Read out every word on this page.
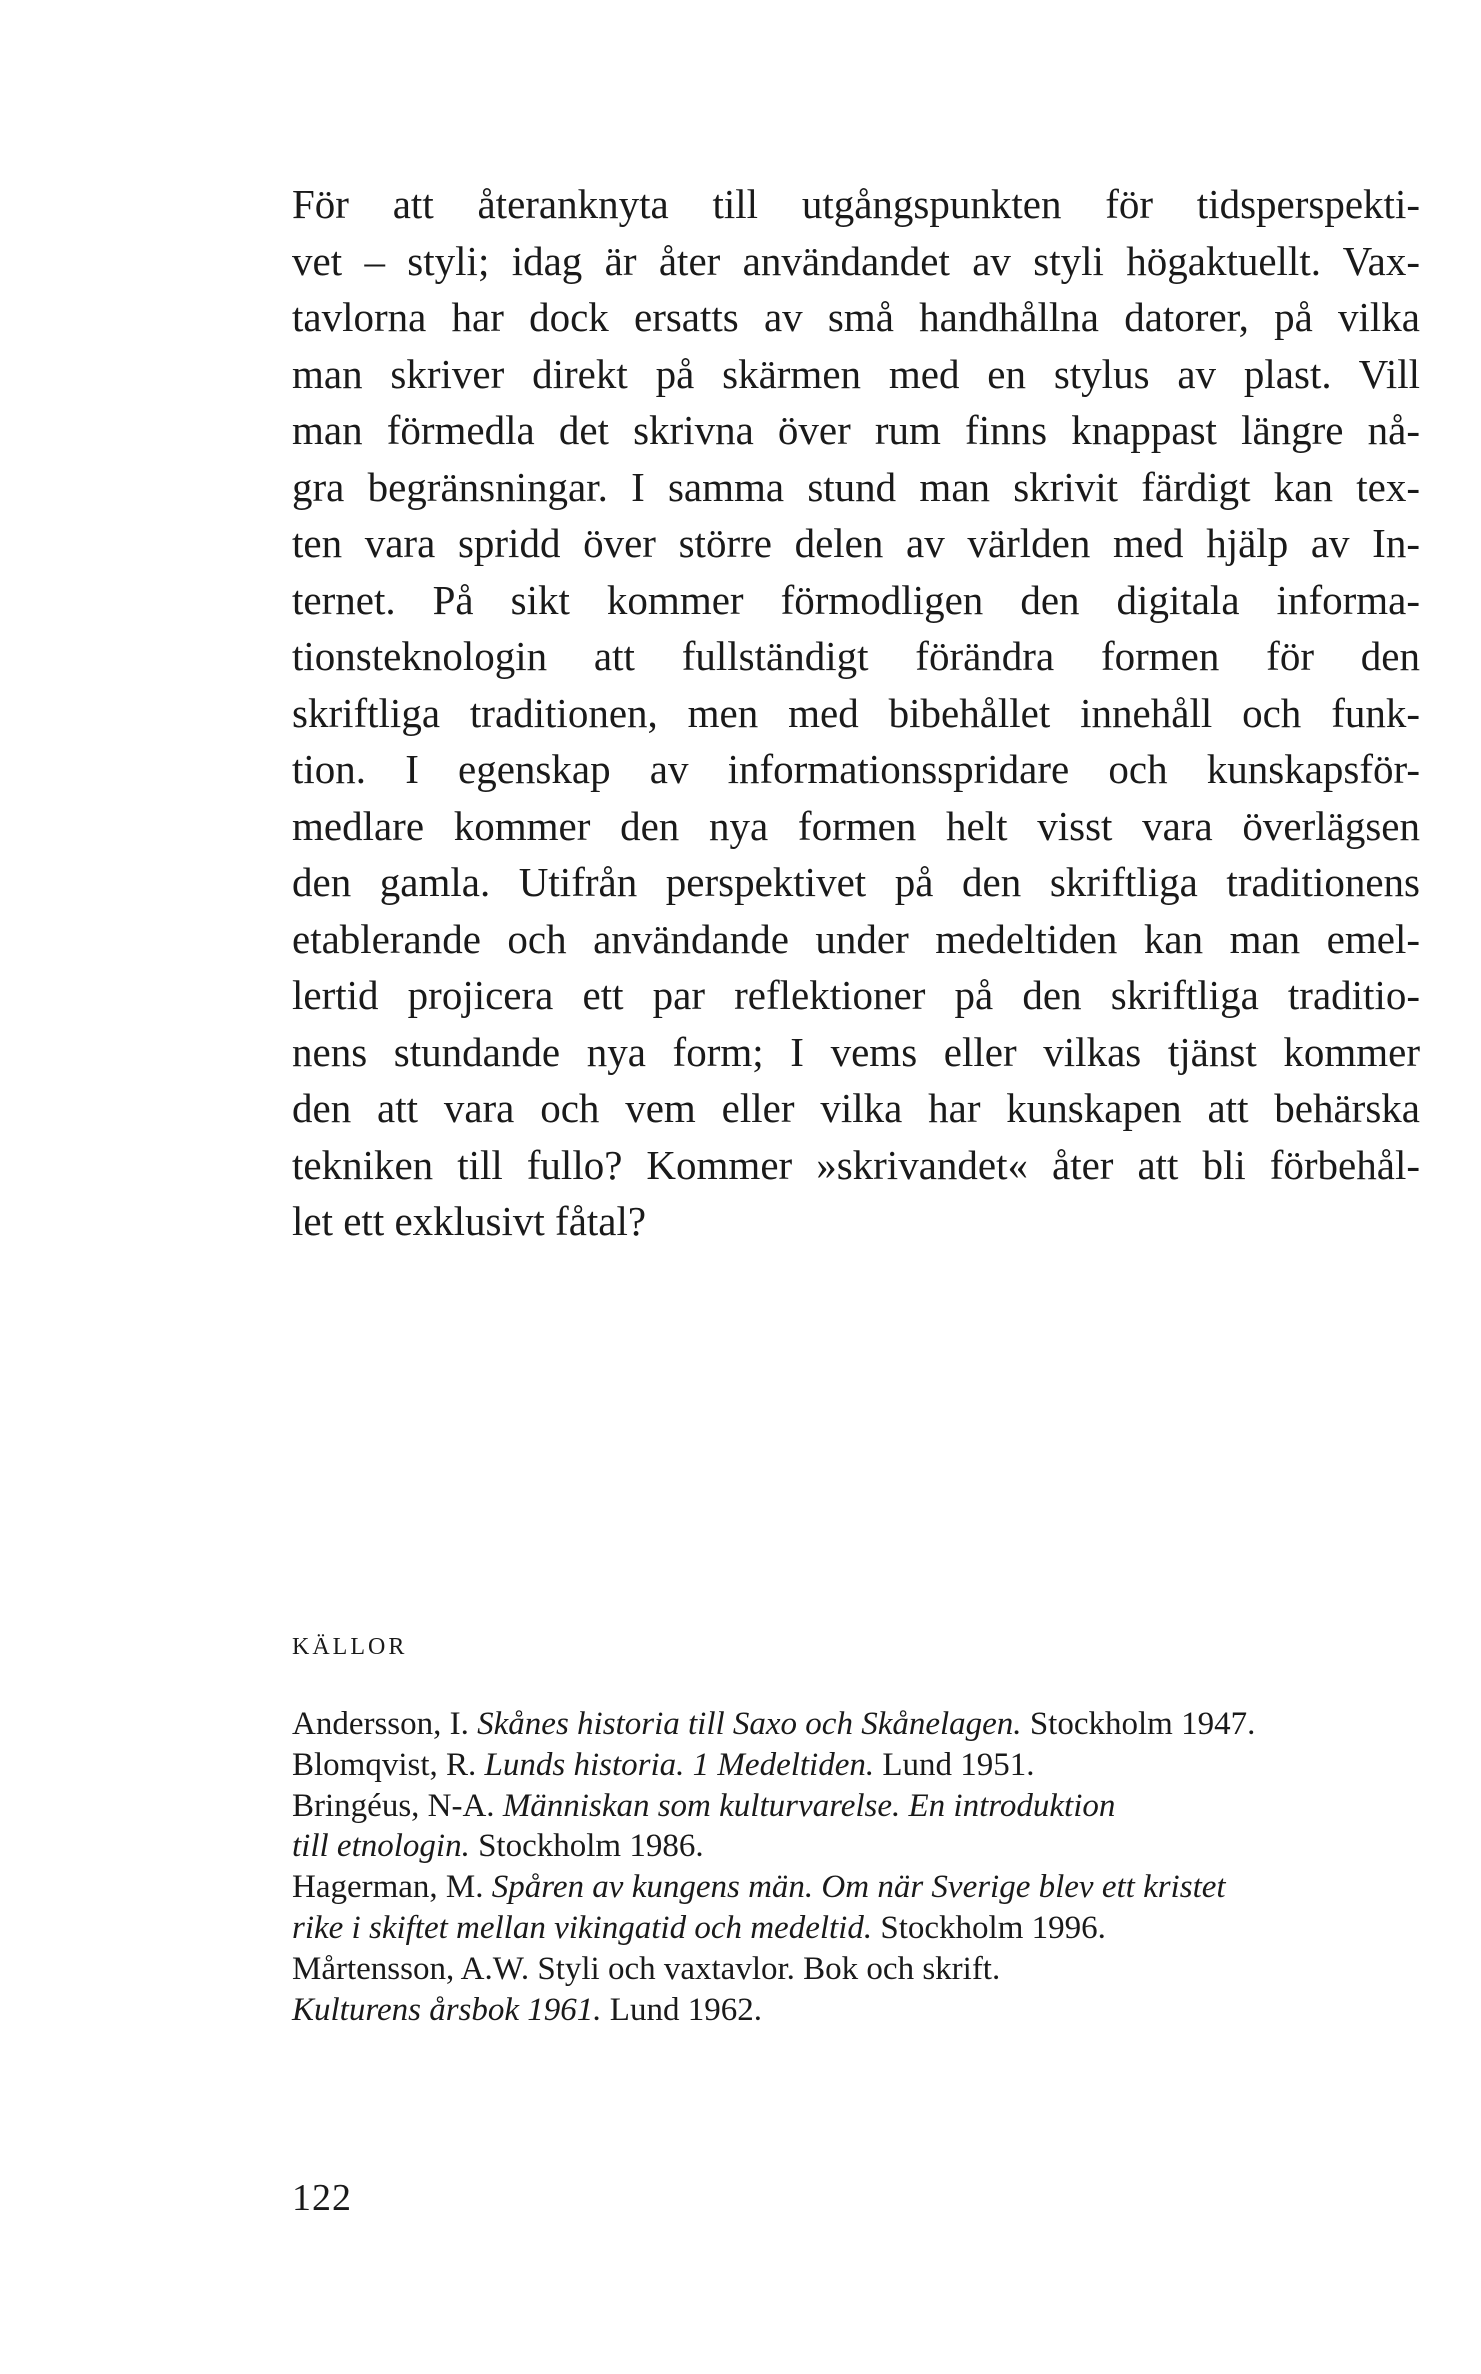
För att återanknyta till utgångspunkten för tidsperspekti-
vet – styli; idag är åter användandet av styli högaktuellt. Vax-
tavlorna har dock ersatts av små handhållna datorer, på vilka
man skriver direkt på skärmen med en stylus av plast. Vill
man förmedla det skrivna över rum finns knappast längre nå-
gra begränsningar. I samma stund man skrivit färdigt kan tex-
ten vara spridd över större delen av världen med hjälp av In-
ternet. På sikt kommer förmodligen den digitala informa-
tionsteknologin att fullständigt förändra formen för den
skriftliga traditionen, men med bibehållet innehåll och funk-
tion. I egenskap av informationsspridare och kunskapsför-
medlare kommer den nya formen helt visst vara överlägsen
den gamla. Utifrån perspektivet på den skriftliga traditionens
etablerande och användande under medeltiden kan man emel-
lertid projicera ett par reflektioner på den skriftliga traditio-
nens stundande nya form; I vems eller vilkas tjänst kommer
den att vara och vem eller vilka har kunskapen att behärska
tekniken till fullo? Kommer »skrivandet« åter att bli förbehål-
let ett exklusivt fåtal?
KÄLLOR
Andersson, I. Skånes historia till Saxo och Skånelagen. Stockholm 1947.
Blomqvist, R. Lunds historia. 1 Medeltiden. Lund 1951.
Bringéus, N-A. Människan som kulturvarelse. En introduktion
till etnologin. Stockholm 1986.
Hagerman, M. Spåren av kungens män. Om när Sverige blev ett kristet
rike i skiftet mellan vikingatid och medeltid. Stockholm 1996.
Mårtensson, A.W. Styli och vaxtavlor. Bok och skrift.
Kulturens årsbok 1961. Lund 1962.
122
